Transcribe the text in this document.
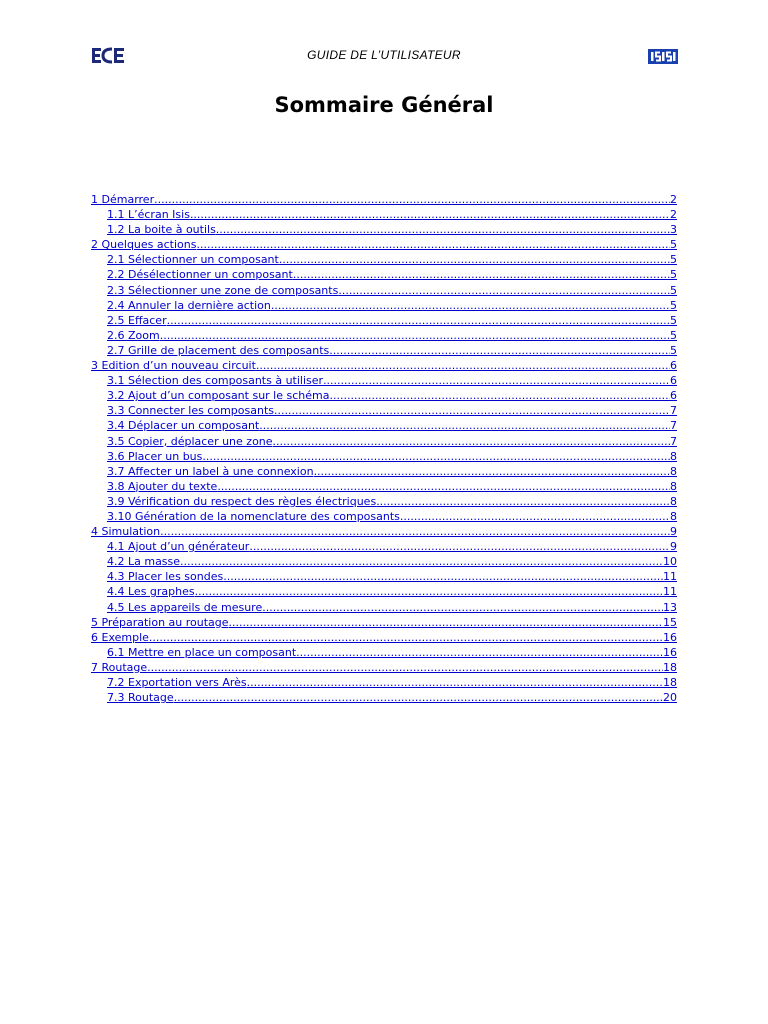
GUIDE DE L’UTILISATEUR
Sommaire Général
1 Démarrer .....	2
1.1 L’écran Isis .....	2
1.2 La boite à outils .....	3
2 Quelques actions .....	5
2.1 Sélectionner un composant .....	5
2.2 Désélectionner un composant .....	5
2.3 Sélectionner une zone de composants .....	5
2.4 Annuler la dernière action .....	5
2.5 Effacer .....	5
2.6 Zoom .....	5
2.7 Grille de placement des composants .....	5
3 Edition d’un nouveau circuit .....	6
3.1 Sélection des composants à utiliser .....	6
3.2 Ajout d’un composant sur le schéma .....	6
3.3 Connecter les composants .....	7
3.4 Déplacer un composant .....	7
3.5 Copier, déplacer une zone .....	7
3.6 Placer un bus .....	8
3.7 Affecter un label à une connexion .....	8
3.8 Ajouter du texte .....	8
3.9 Vérification du respect des règles électriques .....	8
3.10 Génération de la nomenclature des composants .....	8
4 Simulation .....	9
4.1 Ajout d’un générateur .....	9
4.2 La masse .....	10
4.3 Placer les sondes .....	11
4.4 Les graphes .....	11
4.5 Les appareils de mesure .....	13
5 Préparation au routage .....	15
6 Exemple .....	16
6.1 Mettre en place un composant .....	16
7 Routage .....	18
7.2 Exportation vers Arès .....	18
7.3 Routage .....	20
